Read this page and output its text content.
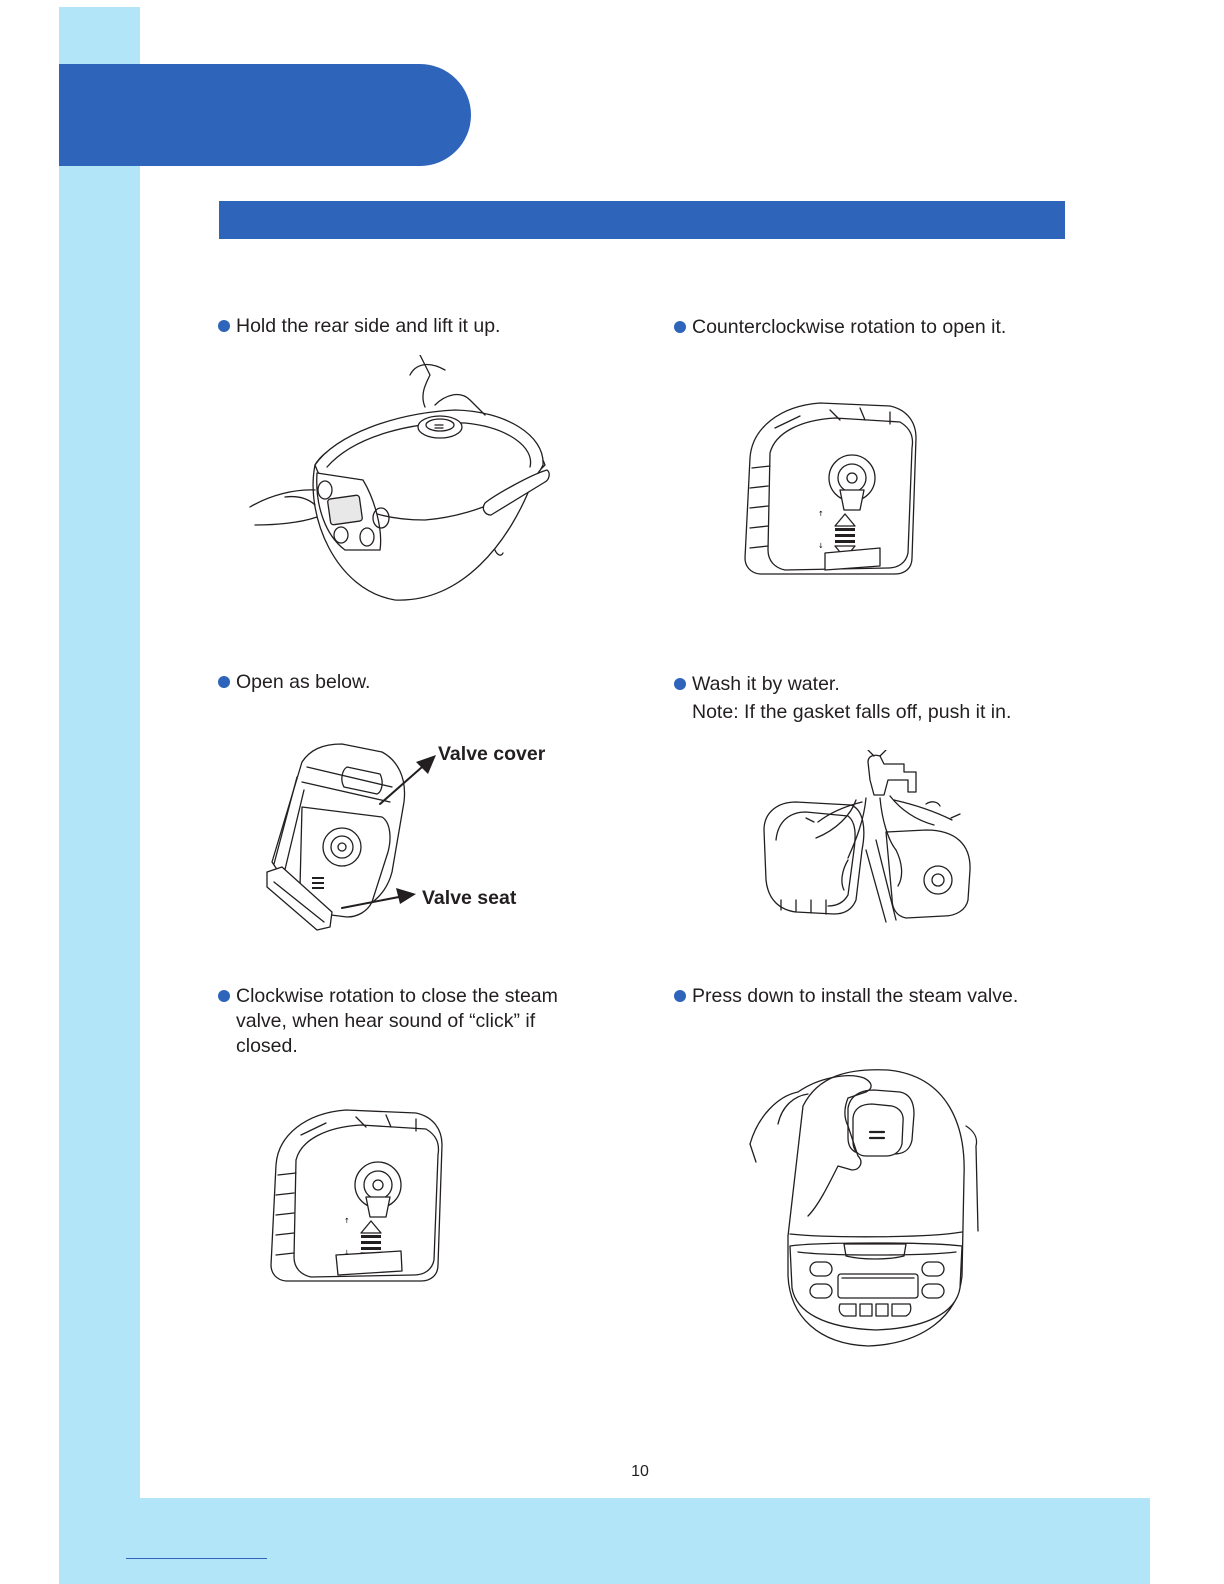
Hold the rear side and lift it up.	Counterclockwise rotation to open it.
Open as below.	Wash it by water.
Note: If the gasket falls off, push it in.
Clockwise rotation to close the steam
valve, when hear sound of “click” if
closed.
Press down to install the steam valve.
↑
↓
Valve cover
Valve seat
↑
↓
10
